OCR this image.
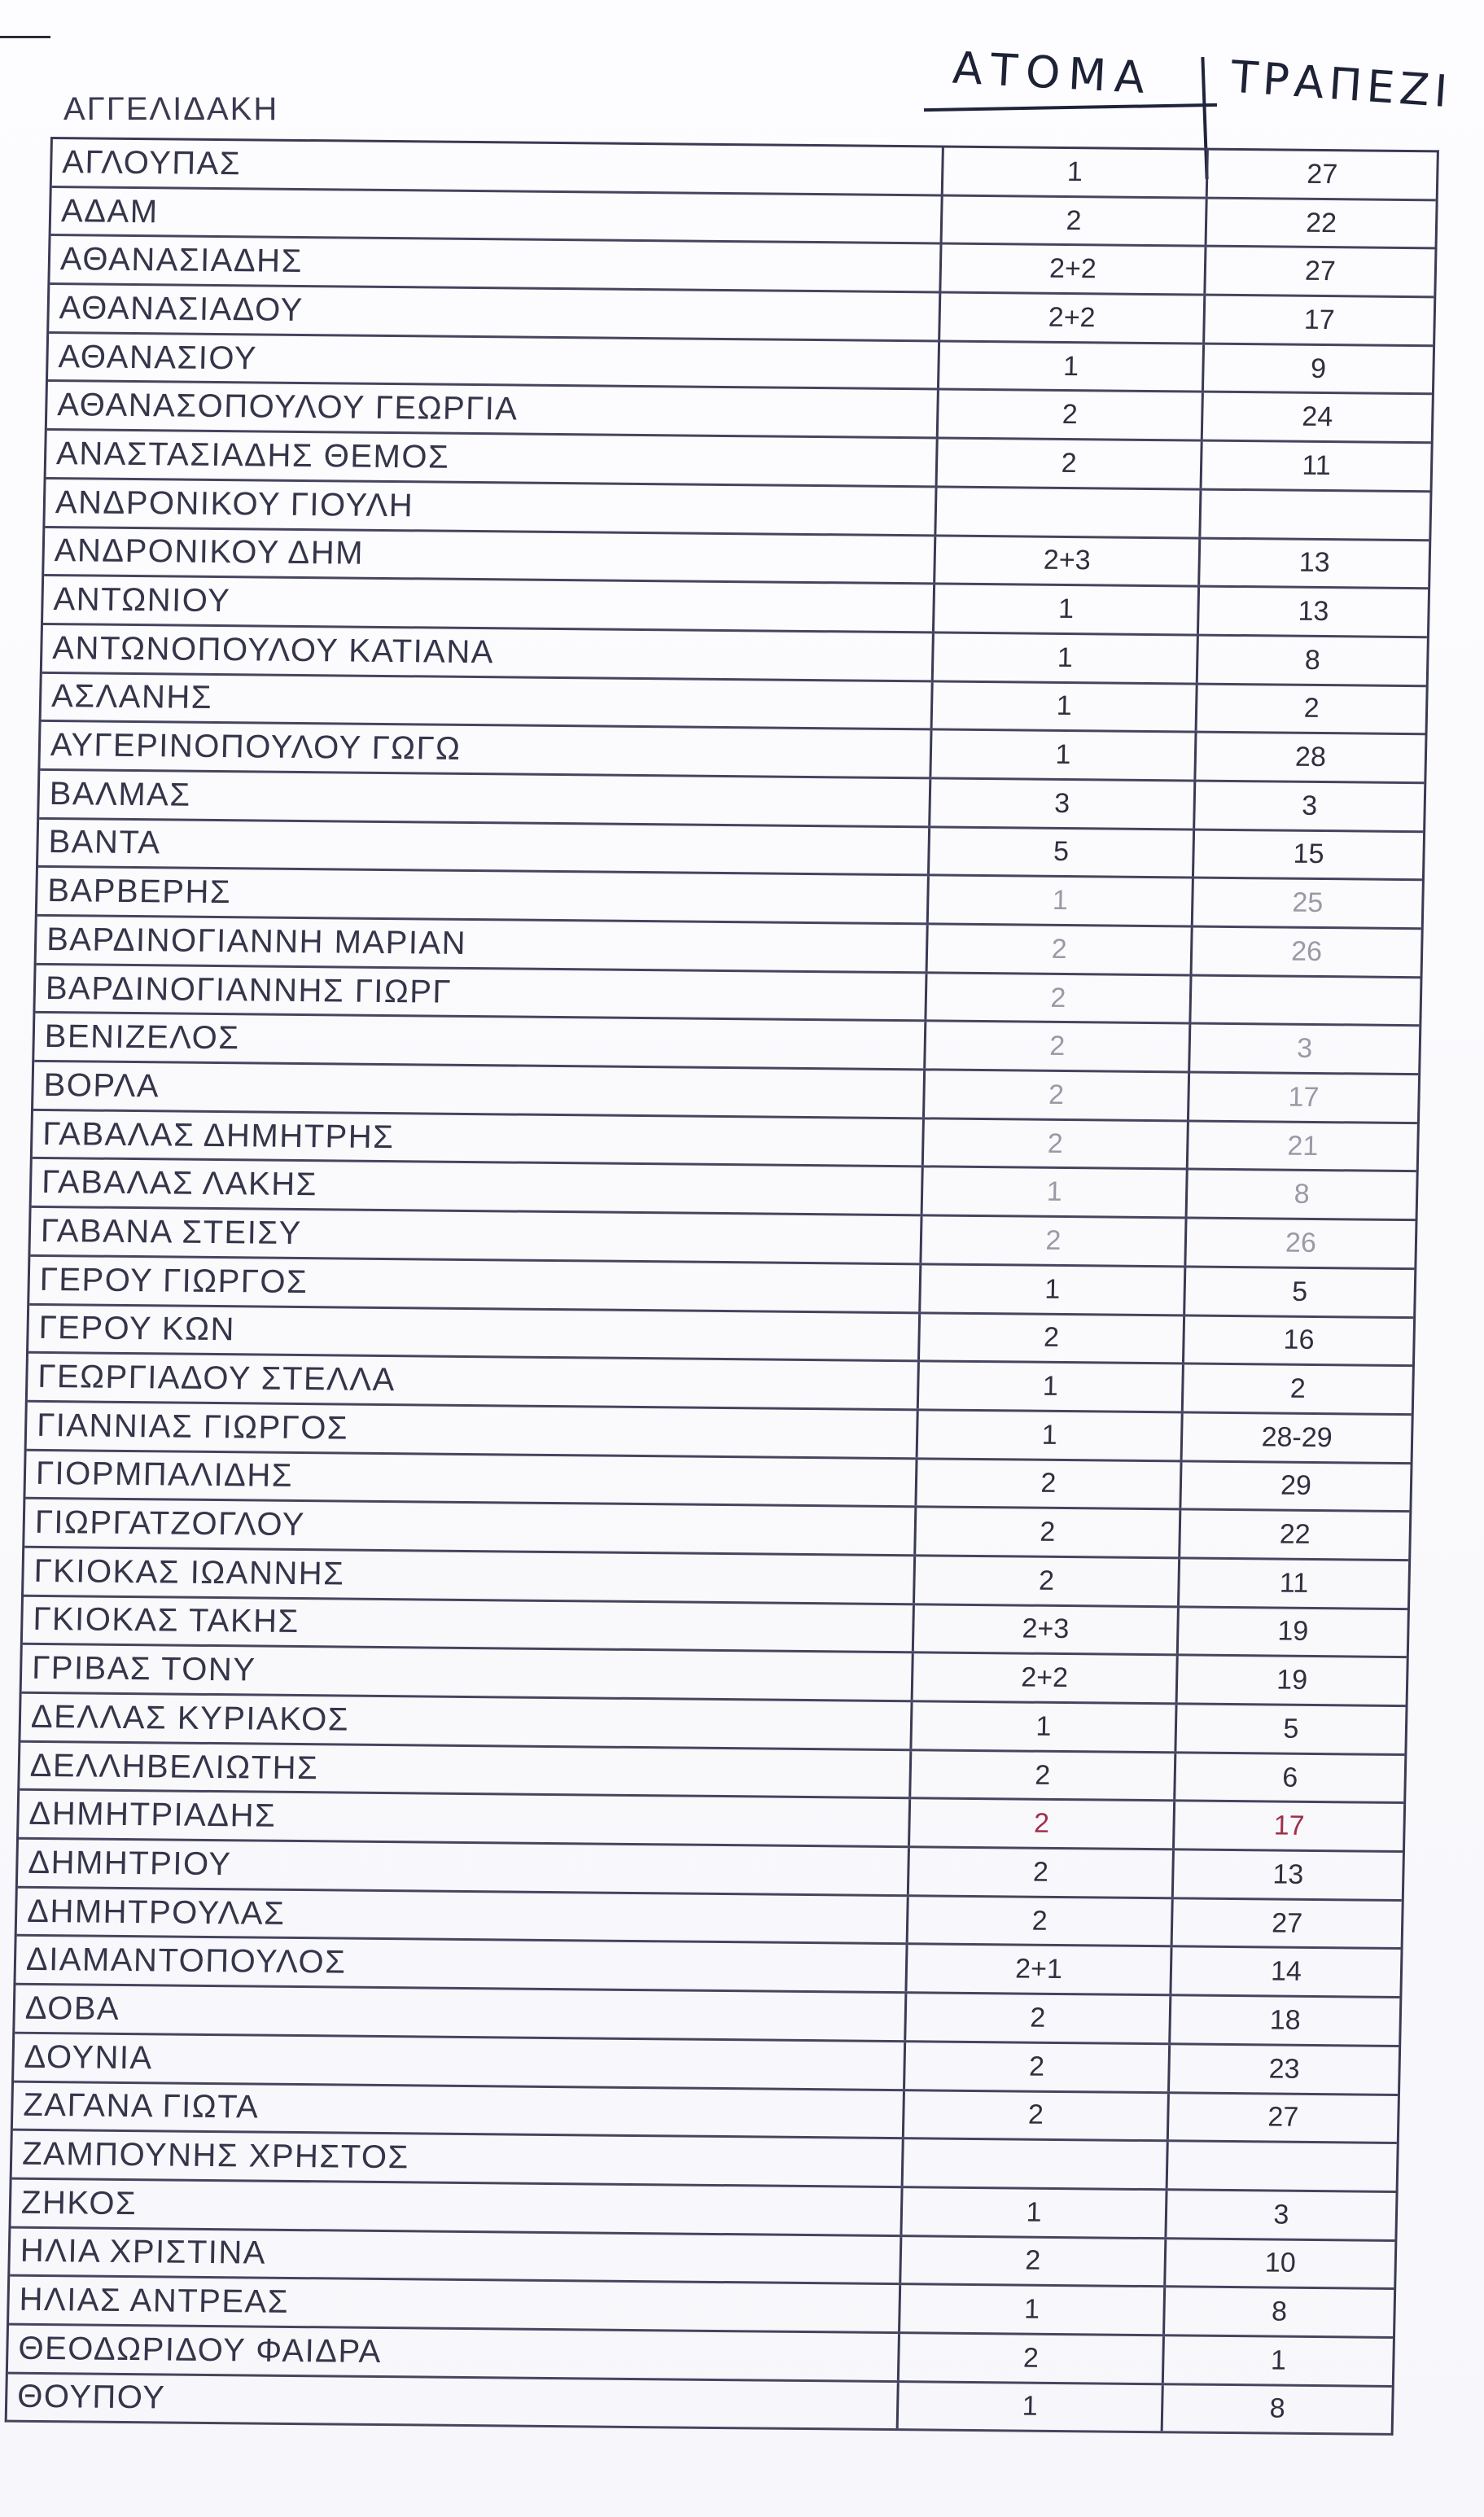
ΑΤΟΜΑ ΤΡΑΠΕΖΙ
ΑΓΓΕΛΙΔΑΚΗ
ΑΓΛΟΥΠΑΣ	1	27
ΑΔΑΜ	2	22
ΑΘΑΝΑΣΙΑΔΗΣ	2+2	27
ΑΘΑΝΑΣΙΑΔΟΥ	2+2	17
ΑΘΑΝΑΣΙΟΥ	1	9
ΑΘΑΝΑΣΟΠΟΥΛΟΥ ΓΕΩΡΓΙΑ	2	24
ΑΝΑΣΤΑΣΙΑΔΗΣ ΘΕΜΟΣ	2	11
ΑΝΔΡΟΝΙΚΟΥ ΓΙΟΥΛΗ
ΑΝΔΡΟΝΙΚΟΥ ΔΗΜ	2+3	13
ΑΝΤΩΝΙΟΥ	1	13
ΑΝΤΩΝΟΠΟΥΛΟΥ ΚΑΤΙΑΝΑ	1	8
ΑΣΛΑΝΗΣ	1	2
ΑΥΓΕΡΙΝΟΠΟΥΛΟΥ ΓΩΓΩ	1	28
ΒΑΛΜΑΣ	3	3
ΒΑΝΤΑ	5	15
ΒΑΡΒΕΡΗΣ	1	25
ΒΑΡΔΙΝΟΓΙΑΝΝΗ ΜΑΡΙΑΝ	2	26
ΒΑΡΔΙΝΟΓΙΑΝΝΗΣ ΓΙΩΡΓ	2
ΒΕΝΙΖΕΛΟΣ	2	3
ΒΟΡΛΑ	2	17
ΓΑΒΑΛΑΣ ΔΗΜΗΤΡΗΣ	2	21
ΓΑΒΑΛΑΣ ΛΑΚΗΣ	1	8
ΓΑΒΑΝΑ ΣΤΕΙΣΥ	2	26
ΓΕΡΟΥ ΓΙΩΡΓΟΣ	1	5
ΓΕΡΟΥ ΚΩΝ	2	16
ΓΕΩΡΓΙΑΔΟΥ ΣΤΕΛΛΑ	1	2
ΓΙΑΝΝΙΑΣ ΓΙΩΡΓΟΣ	1	28-29
ΓΙΟΡΜΠΑΛΙΔΗΣ	2	29
ΓΙΩΡΓΑΤΖΟΓΛΟΥ	2	22
ΓΚΙΟΚΑΣ ΙΩΑΝΝΗΣ	2	11
ΓΚΙΟΚΑΣ ΤΑΚΗΣ	2+3	19
ΓΡΙΒΑΣ ΤΟΝΥ	2+2	19
ΔΕΛΛΑΣ ΚΥΡΙΑΚΟΣ	1	5
ΔΕΛΛΗΒΕΛΙΩΤΗΣ	2	6
ΔΗΜΗΤΡΙΑΔΗΣ	2	17
ΔΗΜΗΤΡΙΟΥ	2	13
ΔΗΜΗΤΡΟΥΛΑΣ	2	27
ΔΙΑΜΑΝΤΟΠΟΥΛΟΣ	2+1	14
ΔΟΒΑ	2	18
ΔΟΥΝΙΑ	2	23
ΖΑΓΑΝΑ ΓΙΩΤΑ	2	27
ΖΑΜΠΟΥΝΗΣ ΧΡΗΣΤΟΣ
ΖΗΚΟΣ	1	3
ΗΛΙΑ ΧΡΙΣΤΙΝΑ	2	10
ΗΛΙΑΣ ΑΝΤΡΕΑΣ	1	8
ΘΕΟΔΩΡΙΔΟΥ ΦΑΙΔΡΑ	2	1
ΘΟΥΠΟΥ	1	8
